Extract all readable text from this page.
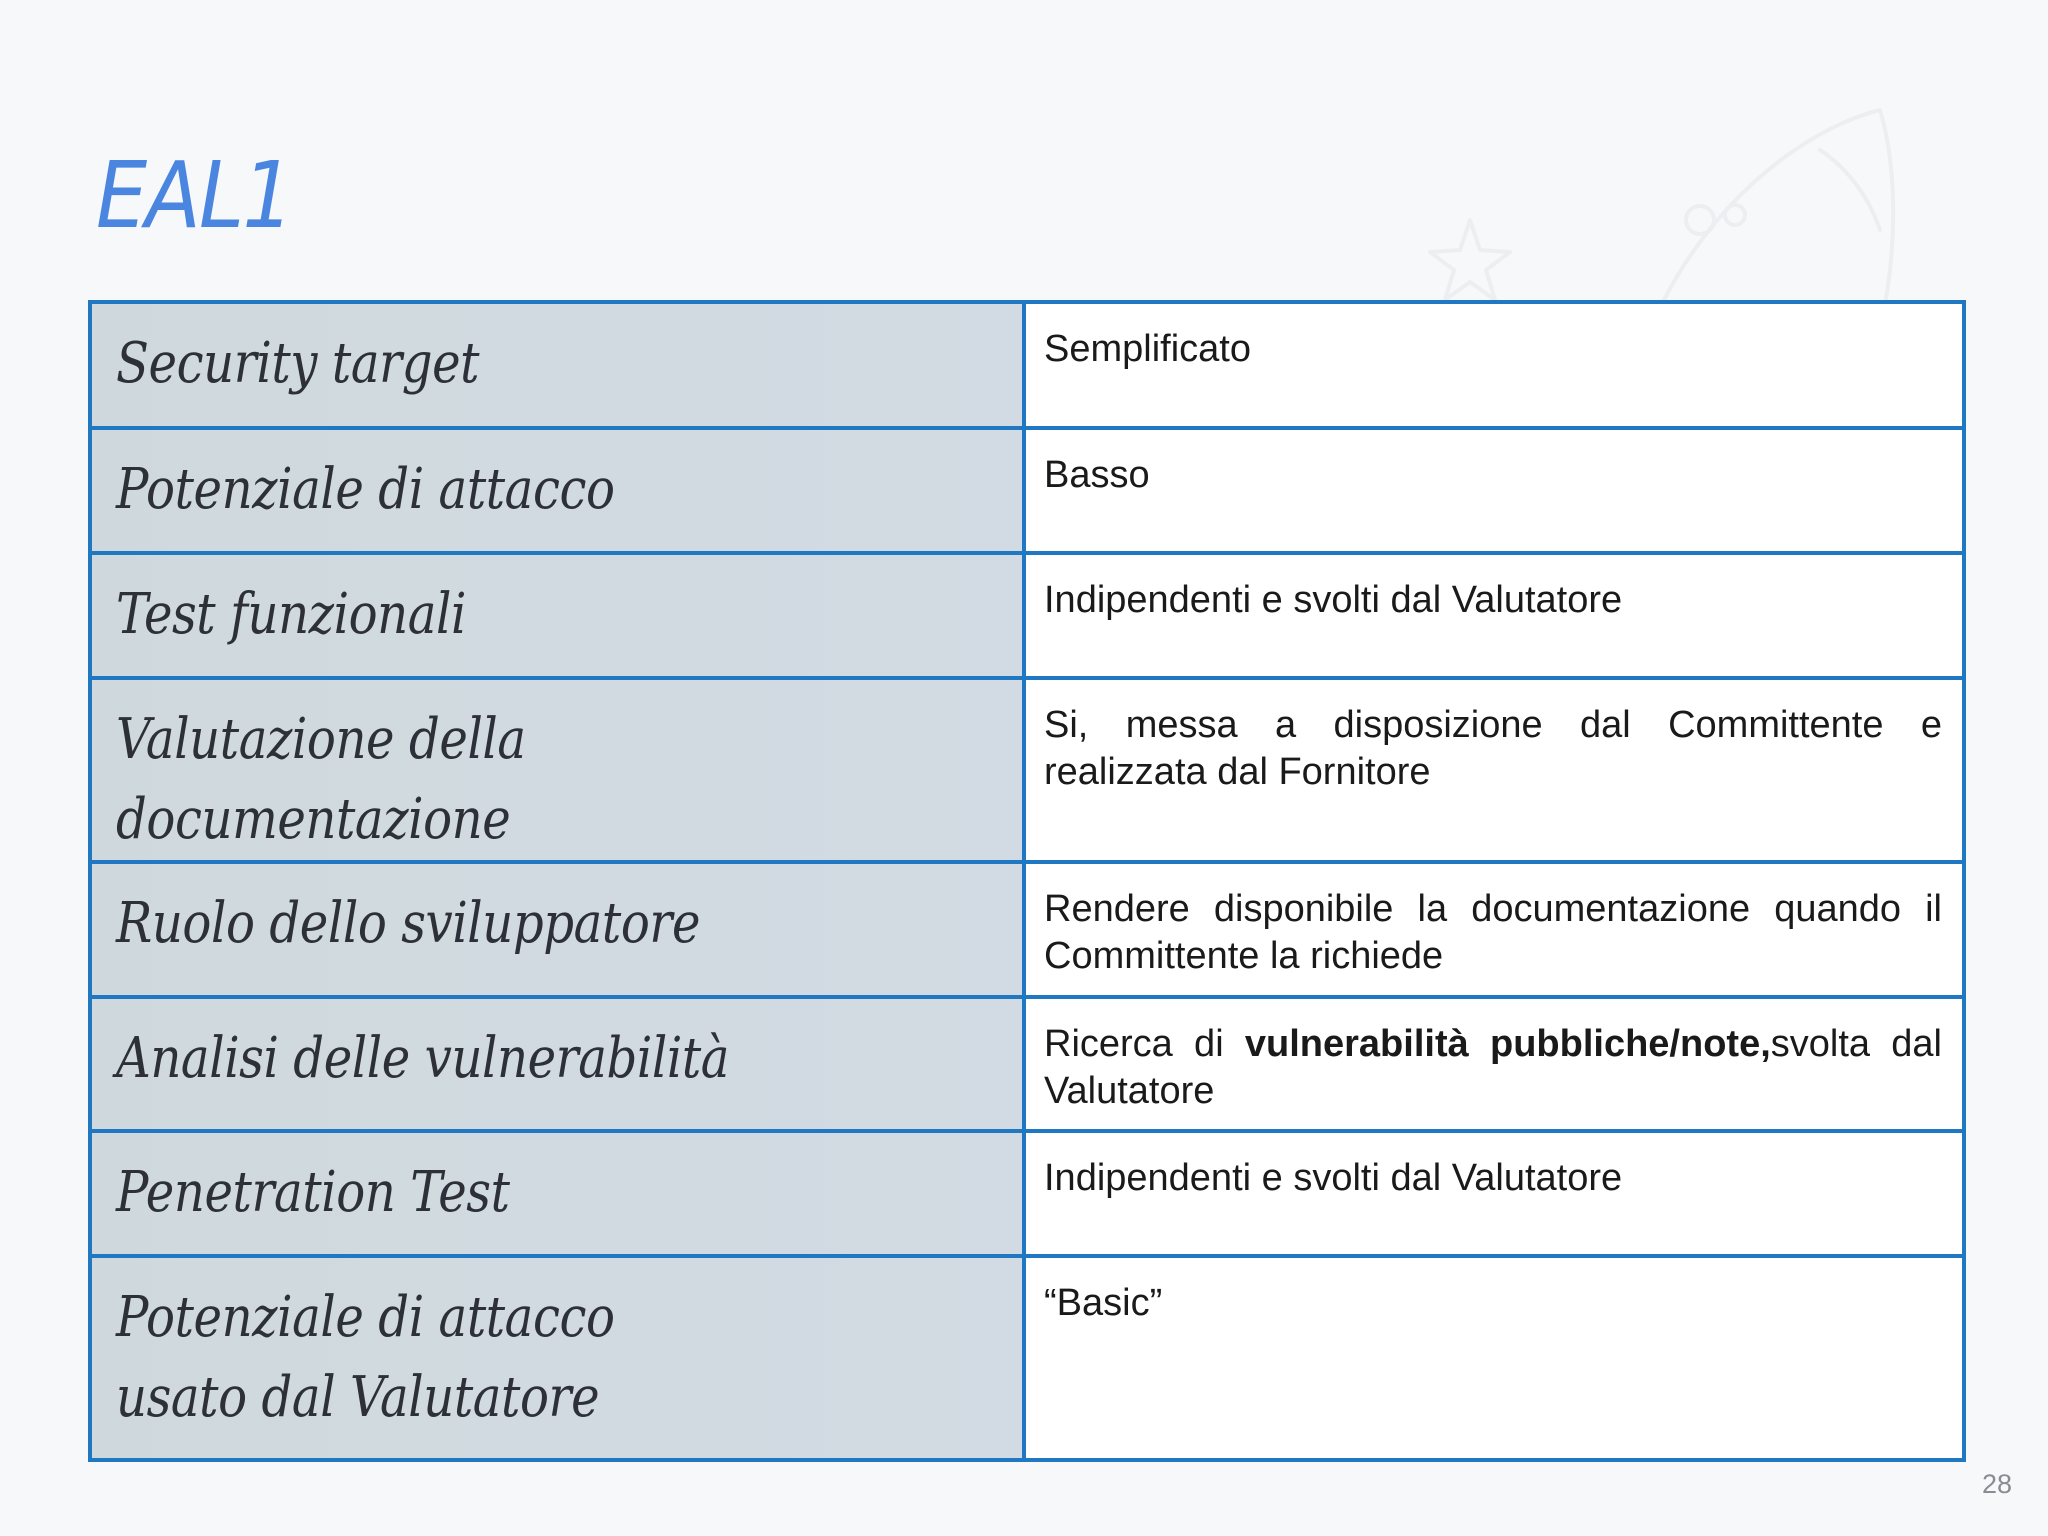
EAL1
Security target	Semplificato

Potenziale di attacco	Basso

Test funzionali	Indipendenti e svolti dal Valutatore

Valutazione della documentazione	Si, messa a disposizione dal Committente e realizzata dal Fornitore

Ruolo dello sviluppatore	Rendere disponibile la documentazione quando il Committente la richiede

Analisi delle vulnerabilità	Ricerca di vulnerabilità pubbliche/note,svolta dal Valutatore

Penetration Test	Indipendenti e svolti dal Valutatore

Potenziale di attacco usato dal Valutatore	“Basic”
28
